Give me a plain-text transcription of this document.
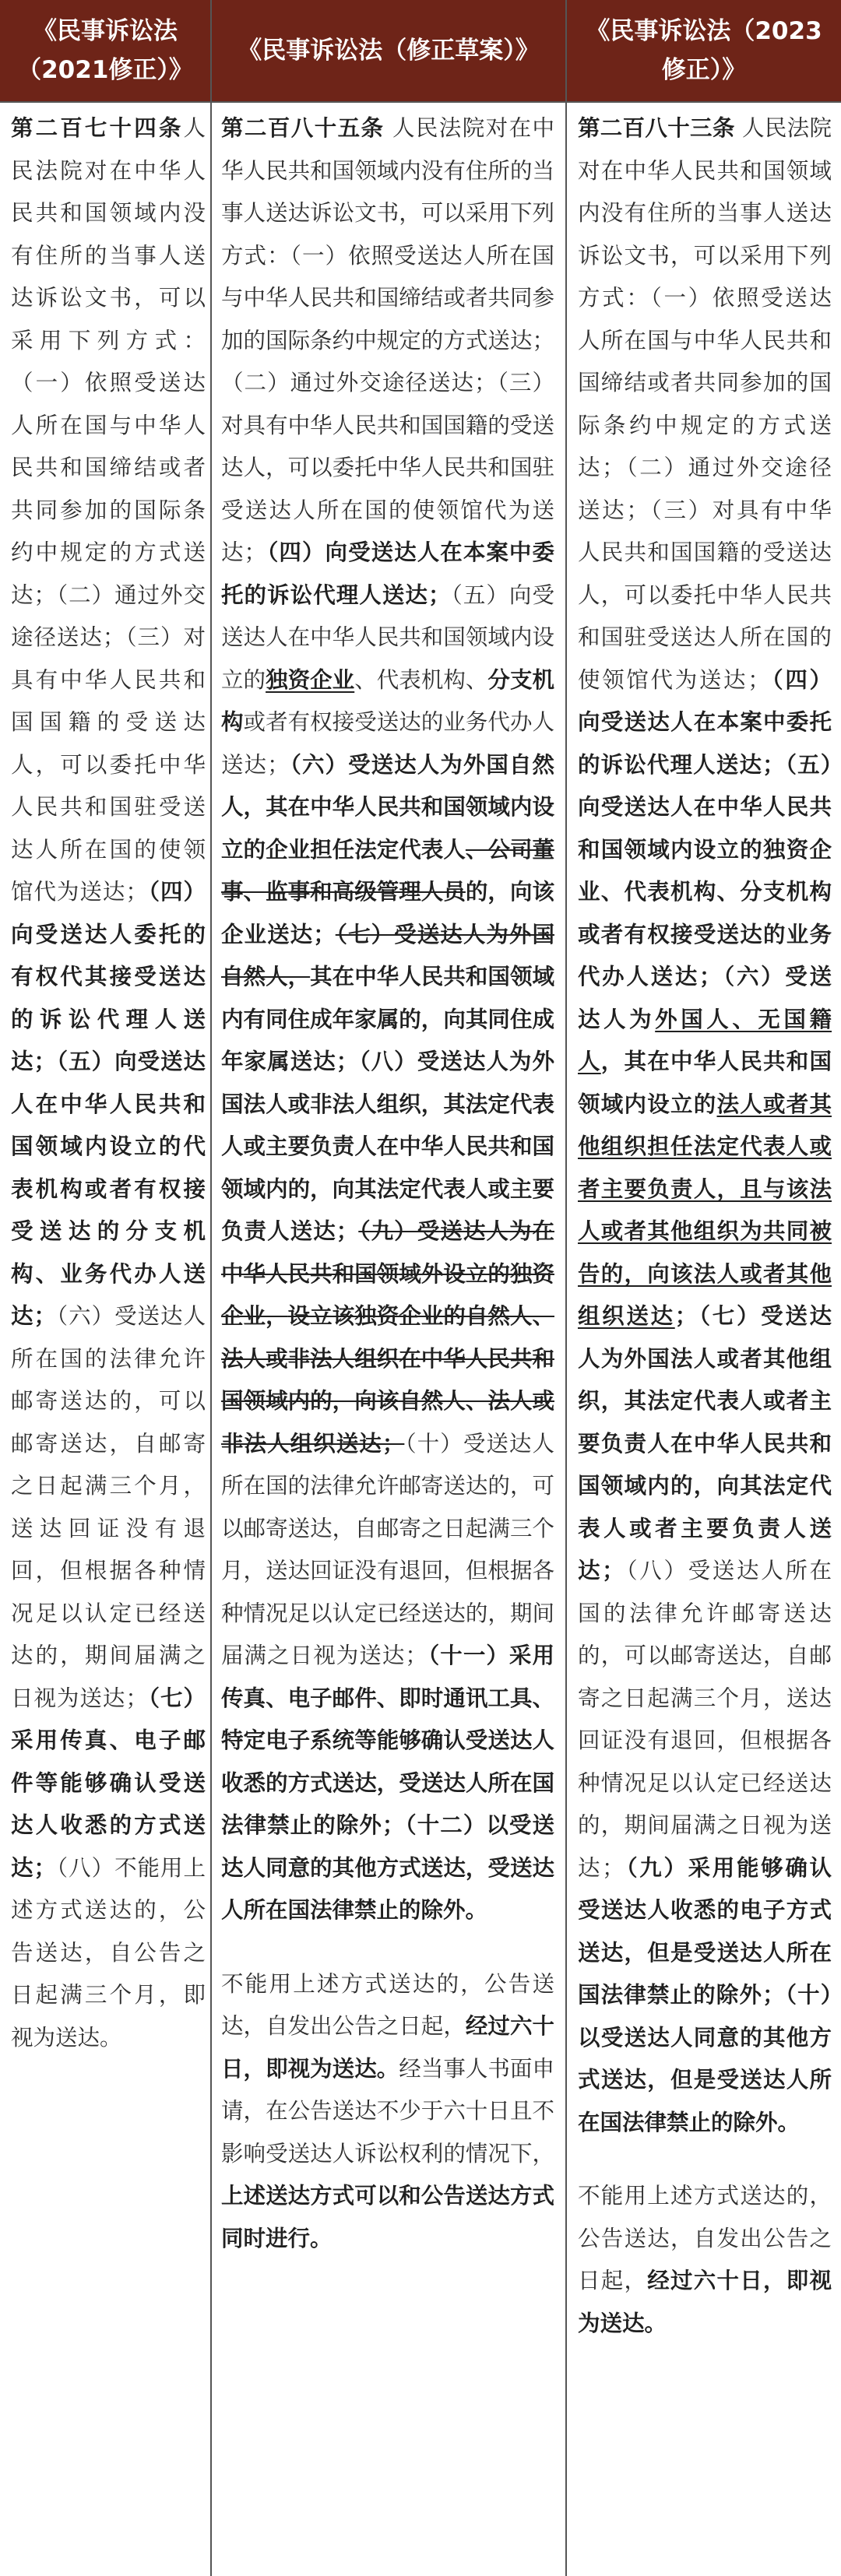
《民事诉讼法（2021修正）》
《民事诉讼法（修正草案）》
《民事诉讼法（2023修正）》

第二百七十四条人民法院对在中华人民共和国领域内没有住所的当事人送达诉讼文书，可以采用下列方式：（一）依照受送达人所在国与中华人民共和国缔结或者共同参加的国际条约中规定的方式送达；（二）通过外交途径送达；（三）对具有中华人民共和国国籍的受送达人，可以委托中华人民共和国驻受送达人所在国的使领馆代为送达；（四）向受送达人委托的有权代其接受送达的诉讼代理人送达；（五）向受送达人在中华人民共和国领域内设立的代表机构或者有权接受送达的分支机构、业务代办人送达；（六）受送达人所在国的法律允许邮寄送达的，可以邮寄送达，自邮寄之日起满三个月，送达回证没有退回，但根据各种情况足以认定已经送达的，期间届满之日视为送达；（七）采用传真、电子邮件等能够确认受送达人收悉的方式送达；（八）不能用上述方式送达的，公告送达，自公告之日起满三个月，即视为送达。

第二百八十五条 人民法院对在中华人民共和国领域内没有住所的当事人送达诉讼文书，可以采用下列方式：（一）依照受送达人所在国与中华人民共和国缔结或者共同参加的国际条约中规定的方式送达；（二）通过外交途径送达；（三）对具有中华人民共和国国籍的受送达人，可以委托中华人民共和国驻受送达人所在国的使领馆代为送达；（四）向受送达人在本案中委托的诉讼代理人送达；（五）向受送达人在中华人民共和国领域内设立的独资企业、代表机构、分支机构或者有权接受送达的业务代办人送达；（六）受送达人为外国自然人，其在中华人民共和国领域内设立的企业担任法定代表人、公司董事、监事和高级管理人员的，向该企业送达；（七）受送达人为外国自然人，其在中华人民共和国领域内有同住成年家属的，向其同住成年家属送达；（八）受送达人为外国法人或非法人组织，其法定代表人或主要负责人在中华人民共和国领域内的，向其法定代表人或主要负责人送达；（九）受送达人为在中华人民共和国领域外设立的独资企业，设立该独资企业的自然人、法人或非法人组织在中华人民共和国领域内的，向该自然人、法人或非法人组织送达；（十）受送达人所在国的法律允许邮寄送达的，可以邮寄送达，自邮寄之日起满三个月，送达回证没有退回，但根据各种情况足以认定已经送达的，期间届满之日视为送达；（十一）采用传真、电子邮件、即时通讯工具、特定电子系统等能够确认受送达人收悉的方式送达，受送达人所在国法律禁止的除外；（十二）以受送达人同意的其他方式送达，受送达人所在国法律禁止的除外。

不能用上述方式送达的，公告送达，自发出公告之日起，经过六十日，即视为送达。经当事人书面申请，在公告送达不少于六十日且不影响受送达人诉讼权利的情况下，上述送达方式可以和公告送达方式同时进行。

第二百八十三条 人民法院对在中华人民共和国领域内没有住所的当事人送达诉讼文书，可以采用下列方式：（一）依照受送达人所在国与中华人民共和国缔结或者共同参加的国际条约中规定的方式送达；（二）通过外交途径送达；（三）对具有中华人民共和国国籍的受送达人，可以委托中华人民共和国驻受送达人所在国的使领馆代为送达；（四）向受送达人在本案中委托的诉讼代理人送达；（五）向受送达人在中华人民共和国领域内设立的独资企业、代表机构、分支机构或者有权接受送达的业务代办人送达；（六）受送达人为外国人、无国籍人，其在中华人民共和国领域内设立的法人或者其他组织担任法定代表人或者主要负责人，且与该法人或者其他组织为共同被告的，向该法人或者其他组织送达；（七）受送达人为外国法人或者其他组织，其法定代表人或者主要负责人在中华人民共和国领域内的，向其法定代表人或者主要负责人送达；（八）受送达人所在国的法律允许邮寄送达的，可以邮寄送达，自邮寄之日起满三个月，送达回证没有退回，但根据各种情况足以认定已经送达的，期间届满之日视为送达；（九）采用能够确认受送达人收悉的电子方式送达，但是受送达人所在国法律禁止的除外；（十）以受送达人同意的其他方式送达，但是受送达人所在国法律禁止的除外。

不能用上述方式送达的，公告送达，自发出公告之日起，经过六十日，即视为送达。
